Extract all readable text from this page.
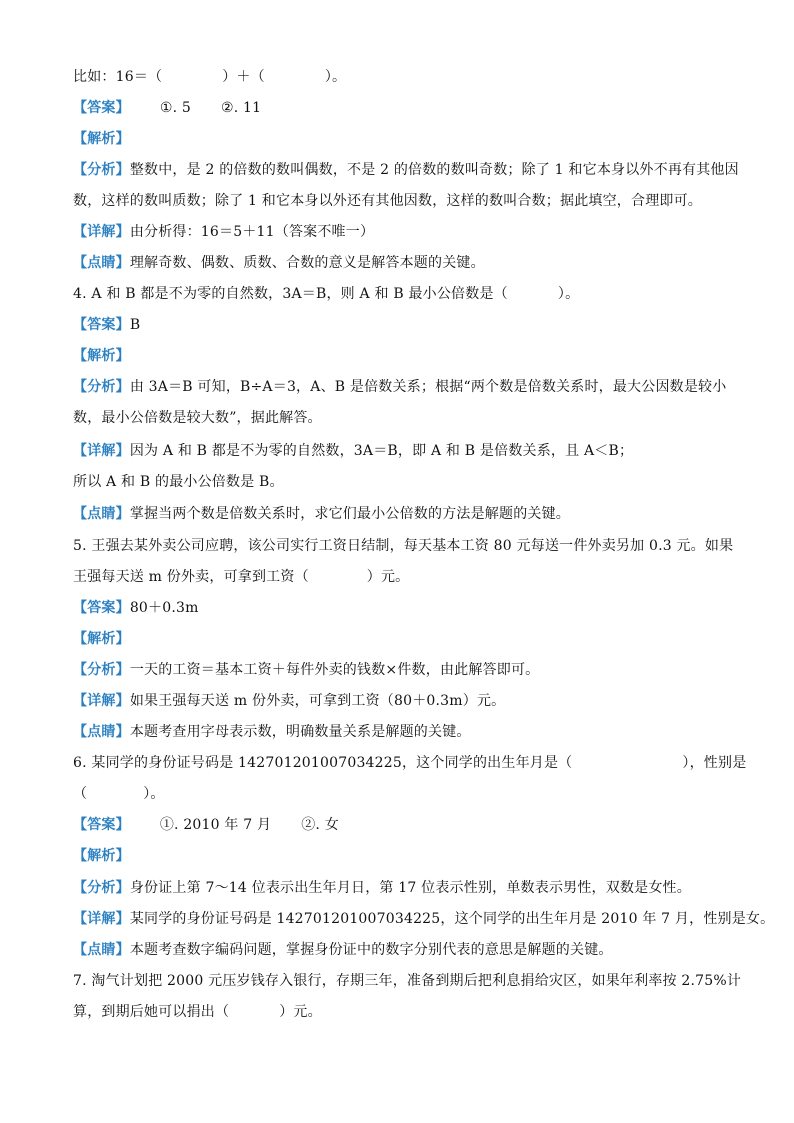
比如：16＝（	）＋（	）。
【答案】 ①. 5 ②. 11
【解析】
【分析】整数中，是 2 的倍数的数叫偶数，不是 2 的倍数的数叫奇数；除了 1 和它本身以外不再有其他因
数，这样的数叫质数；除了 1 和它本身以外还有其他因数，这样的数叫合数；据此填空，合理即可。
【详解】由分析得：16＝5＋11（答案不唯一）
【点睛】理解奇数、偶数、质数、合数的意义是解答本题的关键。
4. A 和 B 都是不为零的自然数，3A＝B，则 A 和 B 最小公倍数是（	）。
【答案】B
【解析】
【分析】由 3A＝B 可知，B÷A＝3，A、B 是倍数关系；根据“两个数是倍数关系时，最大公因数是较小
数，最小公倍数是较大数”，据此解答。
【详解】因为 A 和 B 都是不为零的自然数，3A＝B，即 A 和 B 是倍数关系，且 A＜B；
所以 A 和 B 的最小公倍数是 B。
【点睛】掌握当两个数是倍数关系时，求它们最小公倍数的方法是解题的关键。
5. 王强去某外卖公司应聘，该公司实行工资日结制，每天基本工资 80 元每送一件外卖另加 0.3 元。如果
王强每天送 m 份外卖，可拿到工资（	）元。
【答案】80＋0.3m
【解析】
【分析】一天的工资＝基本工资＋每件外卖的钱数×件数，由此解答即可。
【详解】如果王强每天送 m 份外卖，可拿到工资（80＋0.3m）元。
【点睛】本题考查用字母表示数，明确数量关系是解题的关键。
6. 某同学的身份证号码是 142701201007034225，这个同学的出生年月是（	），性别是
（	）。
【答案】 ①. 2010 年 7 月 ②. 女
【解析】
【分析】身份证上第 7～14 位表示出生年月日，第 17 位表示性别，单数表示男性，双数是女性。
【详解】某同学的身份证号码是 142701201007034225，这个同学的出生年月是 2010 年 7 月，性别是女。
【点睛】本题考查数字编码问题，掌握身份证中的数字分别代表的意思是解题的关键。
7. 淘气计划把 2000 元压岁钱存入银行，存期三年，准备到期后把利息捐给灾区，如果年利率按 2.75%计
算，到期后她可以捐出（	）元。
